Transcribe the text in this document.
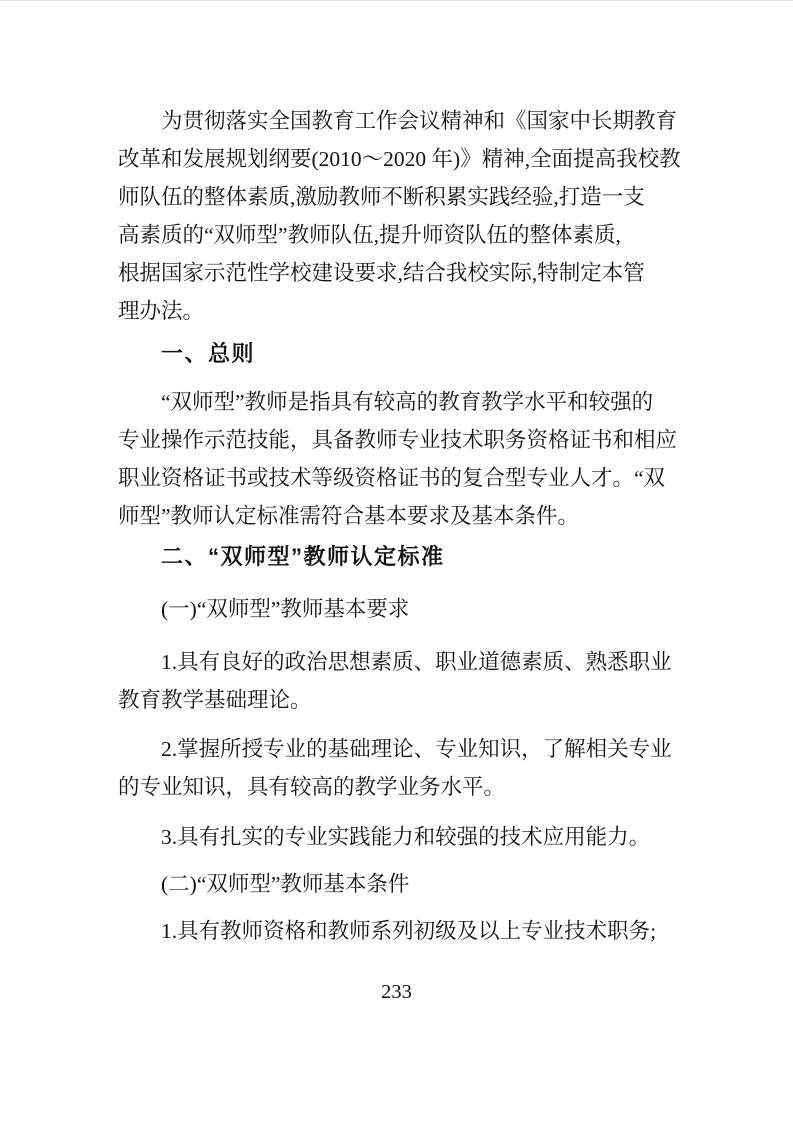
为贯彻落实全国教育工作会议精神和《国家中长期教育
改革和发展规划纲要(2010～2020 年)》精神,全面提高我校教
师队伍的整体素质,激励教师不断积累实践经验,打造一支
高素质的“双师型”教师队伍,提升师资队伍的整体素质,
根据国家示范性学校建设要求,结合我校实际,特制定本管
理办法。
一、总则
“双师型”教师是指具有较高的教育教学水平和较强的
专业操作示范技能，具备教师专业技术职务资格证书和相应
职业资格证书或技术等级资格证书的复合型专业人才。“双
师型”教师认定标准需符合基本要求及基本条件。
二、“双师型”教师认定标准
(一)“双师型”教师基本要求
1.具有良好的政治思想素质、职业道德素质、熟悉职业
教育教学基础理论。
2.掌握所授专业的基础理论、专业知识，了解相关专业
的专业知识，具有较高的教学业务水平。
3.具有扎实的专业实践能力和较强的技术应用能力。
(二)“双师型”教师基本条件
1.具有教师资格和教师系列初级及以上专业技术职务;
233
